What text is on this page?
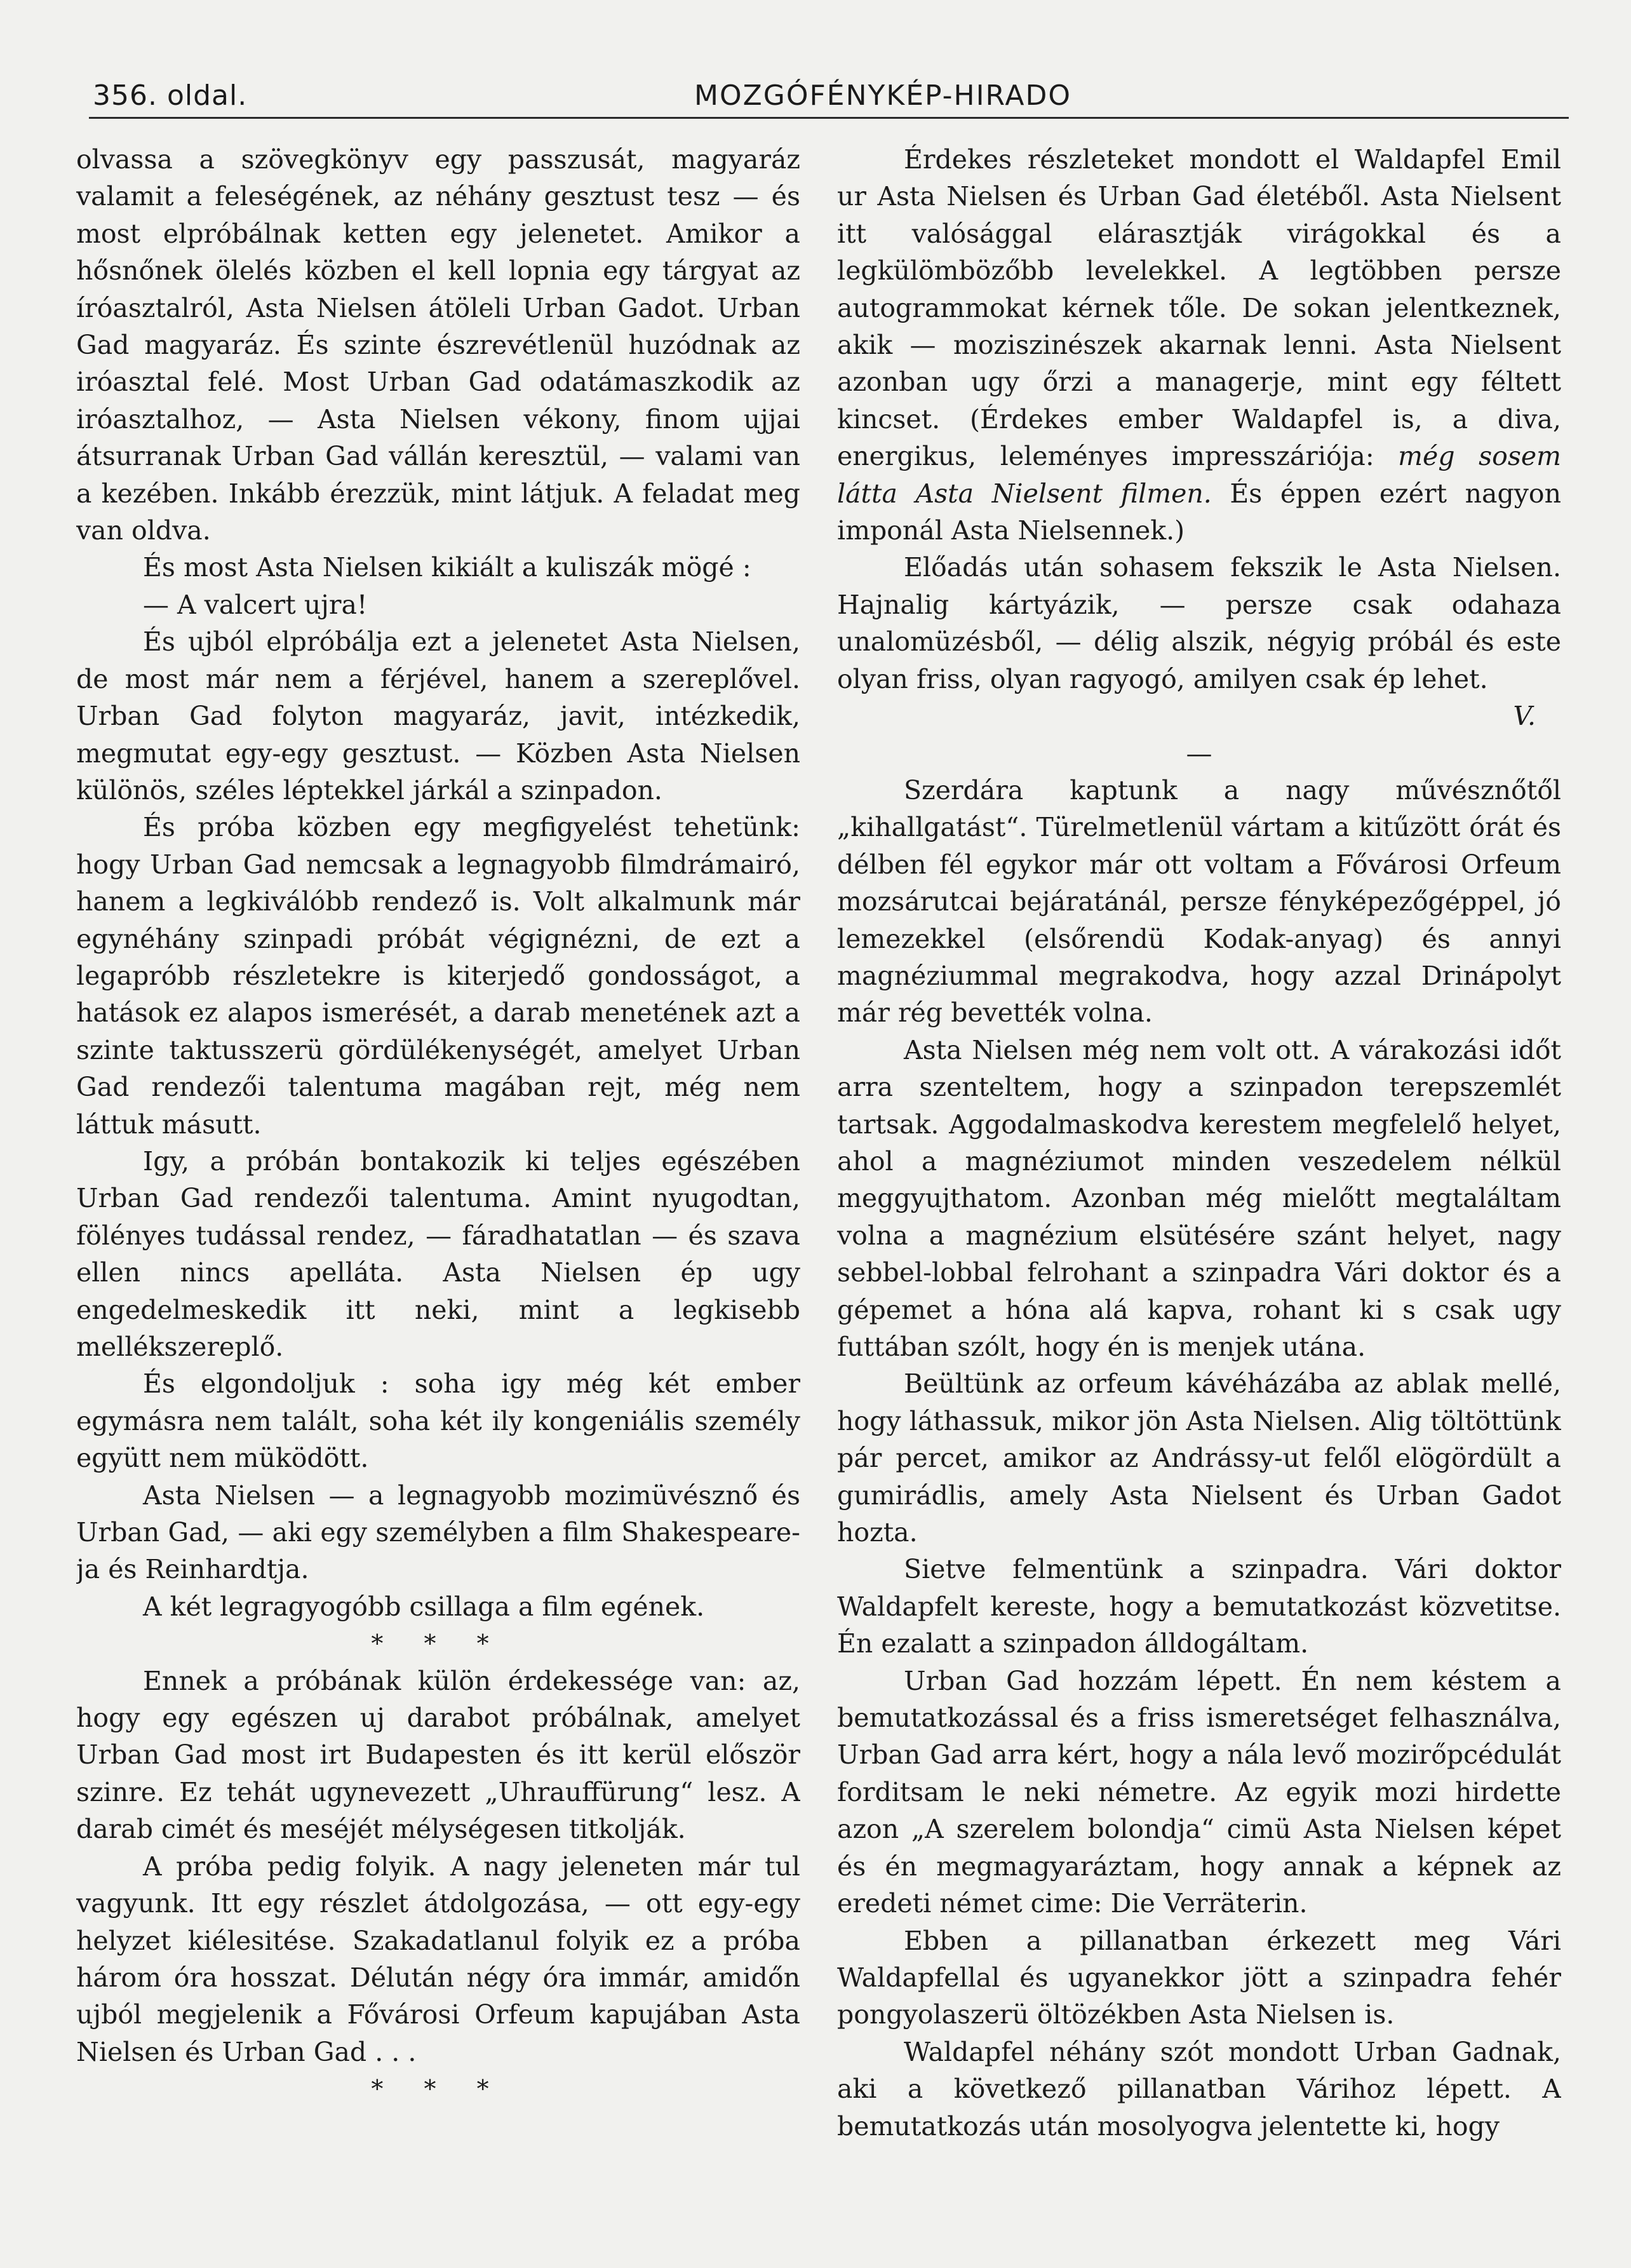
356. oldal.	MOZGÓFÉNYKÉP-HIRADO

olvassa a szövegkönyv egy passzusát, magyaráz valamit a feleségének, az néhány gesztust tesz — és most elpróbálnak ketten egy jelenetet. Amikor a hősnőnek ölelés közben el kell lopnia egy tárgyat az íróasztalról, Asta Nielsen átöleli Urban Gadot. Urban Gad magyaráz. És szinte észrevétlenül huzódnak az iróasztal felé. Most Urban Gad odatámaszkodik az iróasztalhoz, — Asta Nielsen vékony, finom ujjai átsurranak Urban Gad vállán keresztül, — valami van a kezében. Inkább érezzük, mint látjuk. A feladat meg van oldva.

És most Asta Nielsen kikiált a kuliszák mögé :

— A valcert ujra!

És ujból elpróbálja ezt a jelenetet Asta Nielsen, de most már nem a férjével, hanem a szereplővel. Urban Gad folyton magyaráz, javit, intézkedik, megmutat egy-egy gesztust. — Közben Asta Nielsen különös, széles léptekkel járkál a szinpadon.

És próba közben egy megfigyelést tehetünk: hogy Urban Gad nemcsak a legnagyobb filmdrámairó, hanem a legkiválóbb rendező is. Volt alkalmunk már egynéhány szinpadi próbát végignézni, de ezt a legapróbb részletekre is kiterjedő gondosságot, a hatások ez alapos ismerését, a darab menetének azt a szinte taktusszerü gördülékenységét, amelyet Urban Gad rendezői talentuma magában rejt, még nem láttuk másutt.

Igy, a próbán bontakozik ki teljes egészében Urban Gad rendezői talentuma. Amint nyugodtan, fölényes tudással rendez, — fáradhatatlan — és szava ellen nincs apelláta. Asta Nielsen ép ugy engedelmeskedik itt neki, mint a legkisebb mellékszereplő.

És elgondoljuk : soha igy még két ember egymásra nem talált, soha két ily kongeniális személy együtt nem müködött.

Asta Nielsen — a legnagyobb mozimüvésznő és Urban Gad, — aki egy személyben a film Shakespeare-ja és Reinhardtja.

A két legragyogóbb csillaga a film egének.

* * *

Ennek a próbának külön érdekessége van: az, hogy egy egészen uj darabot próbálnak, amelyet Urban Gad most irt Budapesten és itt kerül először szinre. Ez tehát ugynevezett „Uhrauffürung“ lesz. A darab cimét és meséjét mélységesen titkolják.

A próba pedig folyik. A nagy jeleneten már tul vagyunk. Itt egy részlet átdolgozása, — ott egy-egy helyzet kiélesitése. Szakadatlanul folyik ez a próba három óra hosszat. Délután négy óra immár, amidőn ujból megjelenik a Fővárosi Orfeum kapujában Asta Nielsen és Urban Gad . . .

* * *

Érdekes részleteket mondott el Waldapfel Emil ur Asta Nielsen és Urban Gad életéből. Asta Nielsent itt valósággal elárasztják virágokkal és a legkülömbözőbb levelekkel. A legtöbben persze autogrammokat kérnek tőle. De sokan jelentkeznek, akik — moziszinészek akarnak lenni. Asta Nielsent azonban ugy őrzi a managerje, mint egy féltett kincset. (Érdekes ember Waldapfel is, a diva, energikus, leleményes impresszáriója: még sosem látta Asta Nielsent filmen. És éppen ezért nagyon imponál Asta Nielsennek.)

Előadás után sohasem fekszik le Asta Nielsen. Hajnalig kártyázik, — persze csak odahaza unalomüzésből, — délig alszik, négyig próbál és este olyan friss, olyan ragyogó, amilyen csak ép lehet.

V.

—

Szerdára kaptunk a nagy művésznőtől „kihallgatást“. Türelmetlenül vártam a kitűzött órát és délben fél egykor már ott voltam a Fővárosi Orfeum mozsárutcai bejáratánál, persze fényképezőgéppel, jó lemezekkel (elsőrendü Kodak-anyag) és annyi magnéziummal megrakodva, hogy azzal Drinápolyt már rég bevették volna.

Asta Nielsen még nem volt ott. A várakozási időt arra szenteltem, hogy a szinpadon terepszemlét tartsak. Aggodalmaskodva kerestem megfelelő helyet, ahol a magnéziumot minden veszedelem nélkül meggyujthatom. Azonban még mielőtt megtaláltam volna a magnézium elsütésére szánt helyet, nagy sebbel-lobbal felrohant a szinpadra Vári doktor és a gépemet a hóna alá kapva, rohant ki s csak ugy futtában szólt, hogy én is menjek utána.

Beültünk az orfeum kávéházába az ablak mellé, hogy láthassuk, mikor jön Asta Nielsen. Alig töltöttünk pár percet, amikor az Andrássy-ut felől elögördült a gumirádlis, amely Asta Nielsent és Urban Gadot hozta.

Sietve felmentünk a szinpadra. Vári doktor Waldapfelt kereste, hogy a bemutatkozást közvetitse. Én ezalatt a szinpadon álldogáltam.

Urban Gad hozzám lépett. Én nem késtem a bemutatkozással és a friss ismeretséget felhasználva, Urban Gad arra kért, hogy a nála levő mozirőpcédulát forditsam le neki németre. Az egyik mozi hirdette azon „A szerelem bolondja“ cimü Asta Nielsen képet és én megmagyaráztam, hogy annak a képnek az eredeti német cime: Die Verräterin.

Ebben a pillanatban érkezett meg Vári Waldapfellal és ugyanekkor jött a szinpadra fehér pongyolaszerü öltözékben Asta Nielsen is.

Waldapfel néhány szót mondott Urban Gadnak, aki a következő pillanatban Várihoz lépett. A bemutatkozás után mosolyogva jelentette ki, hogy
